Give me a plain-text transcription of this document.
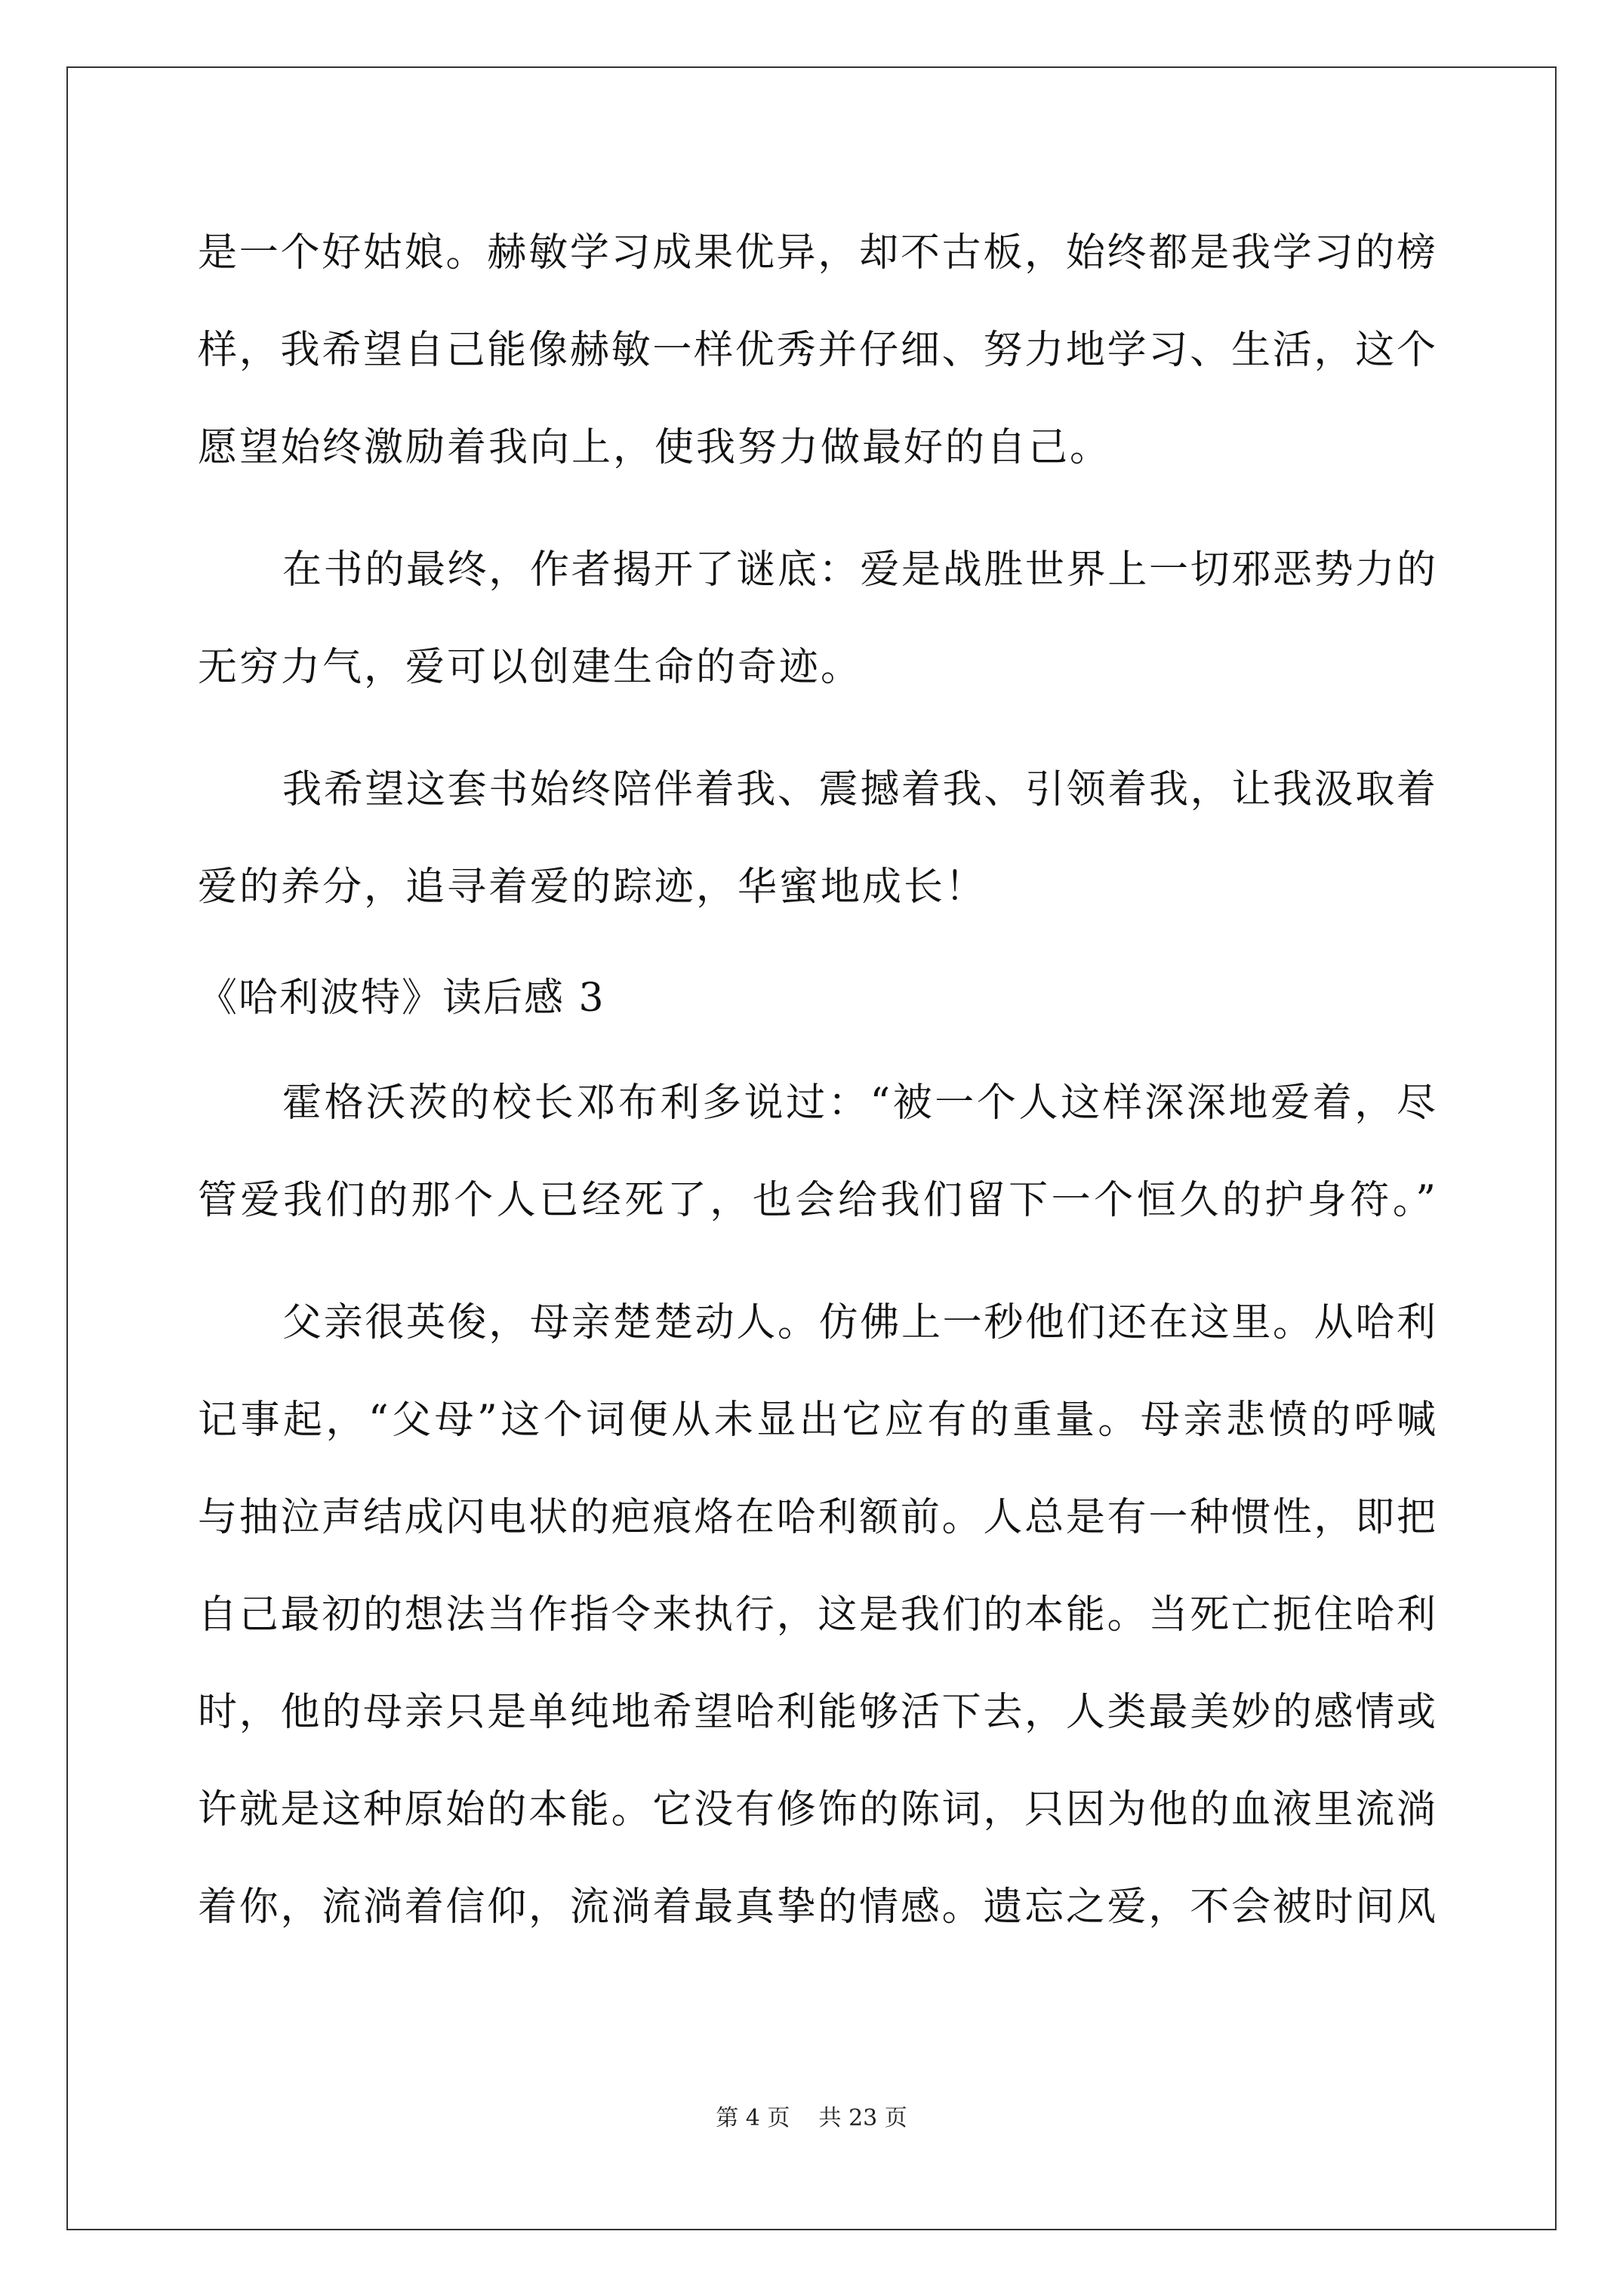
是一个好姑娘。赫敏学习成果优异，却不古板，始终都是我学习的榜
样，我希望自己能像赫敏一样优秀并仔细、努力地学习、生活，这个
愿望始终激励着我向上，使我努力做最好的自己。
在书的最终，作者揭开了谜底：爱是战胜世界上一切邪恶势力的
无穷力气，爱可以创建生命的奇迹。
我希望这套书始终陪伴着我、震撼着我、引领着我，让我汲取着
爱的养分，追寻着爱的踪迹，华蜜地成长！
《哈利波特》读后感 3
霍格沃茨的校长邓布利多说过：“被一个人这样深深地爱着，尽
管爱我们的那个人已经死了，也会给我们留下一个恒久的护身符。”
父亲很英俊，母亲楚楚动人。仿佛上一秒他们还在这里。从哈利
记事起，“父母”这个词便从未显出它应有的重量。母亲悲愤的呼喊
与抽泣声结成闪电状的疤痕烙在哈利额前。人总是有一种惯性，即把
自己最初的想法当作指令来执行，这是我们的本能。当死亡扼住哈利
时，他的母亲只是单纯地希望哈利能够活下去，人类最美妙的感情或
许就是这种原始的本能。它没有修饰的陈词，只因为他的血液里流淌
着你，流淌着信仰，流淌着最真挚的情感。遗忘之爱，不会被时间风
第 4 页 共 23 页
